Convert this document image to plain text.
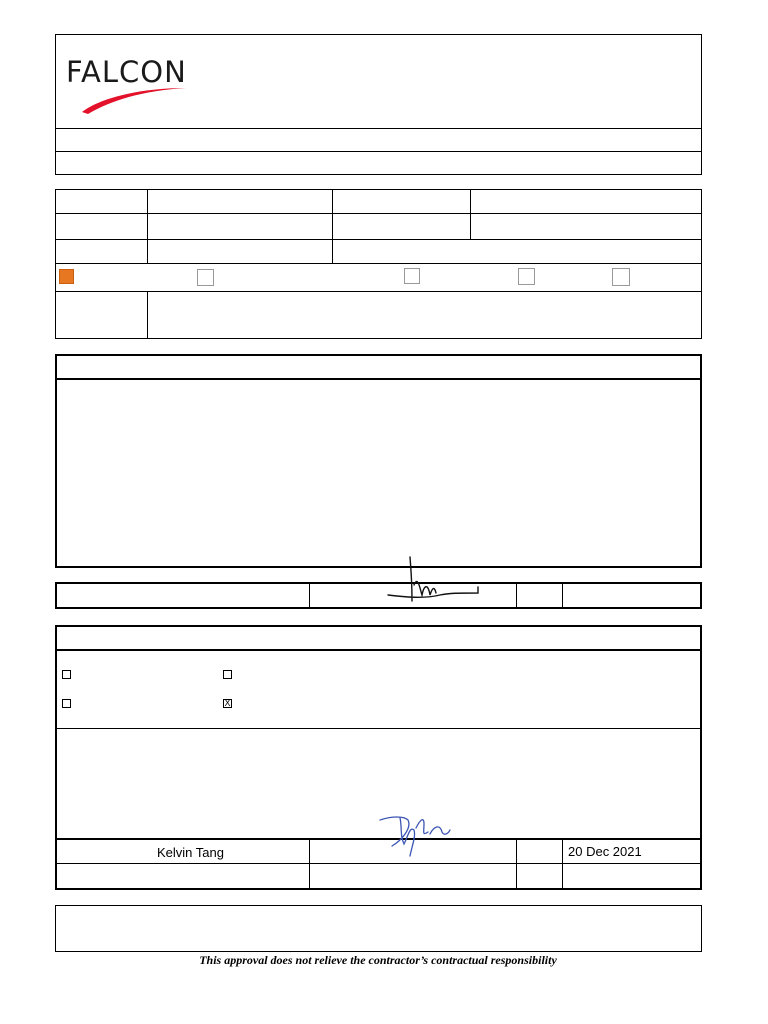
FALCON
X
Kelvin Tang	20 Dec 2021
This approval does not relieve the contractor’s contractual responsibility
